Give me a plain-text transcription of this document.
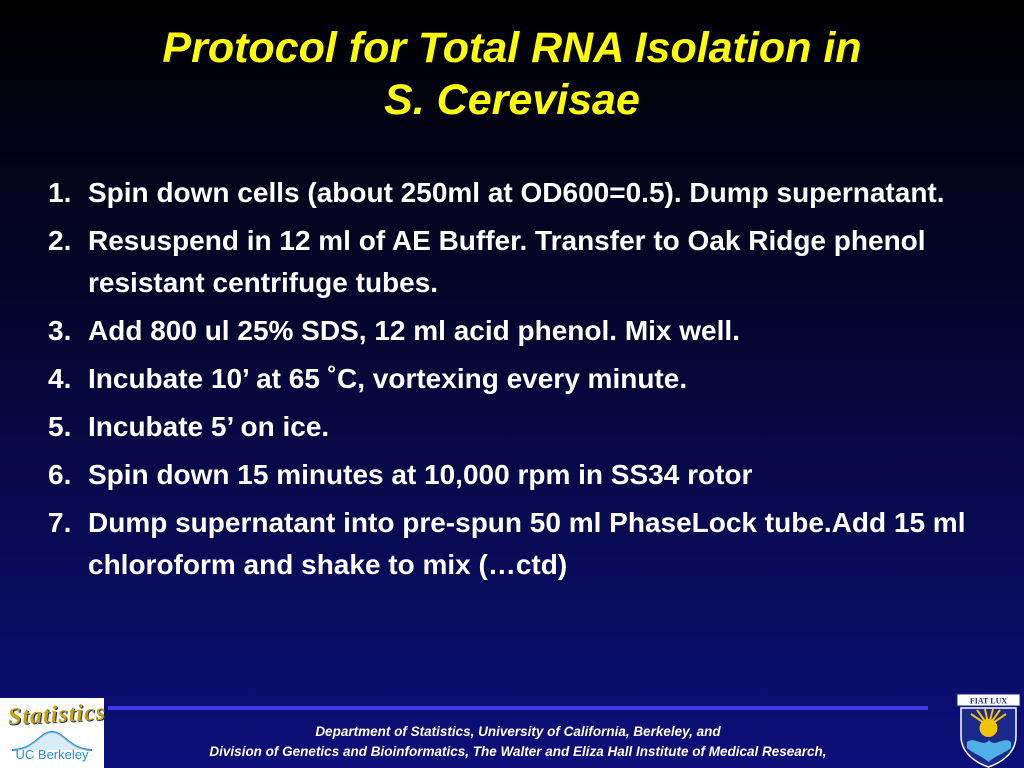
Protocol for Total RNA Isolation in
S. Cerevisae
1. Spin down cells (about 250ml at OD600=0.5). Dump supernatant.
2. Resuspend in 12 ml of AE Buffer. Transfer to Oak Ridge phenol resistant centrifuge tubes.
3. Add 800 ul 25% SDS, 12 ml acid phenol. Mix well.
4. Incubate 10’ at 65 ˚C, vortexing every minute.
5. Incubate 5’ on ice.
6. Spin down 15 minutes at 10,000 rpm in SS34 rotor
7. Dump supernatant into pre-spun 50 ml PhaseLock tube.Add 15 ml chloroform and shake to mix (…ctd)
Statistics
UC Berkeley
Department of Statistics, University of California, Berkeley, and
Division of Genetics and Bioinformatics, The Walter and Eliza Hall Institute of Medical Research,
FIAT LUX
